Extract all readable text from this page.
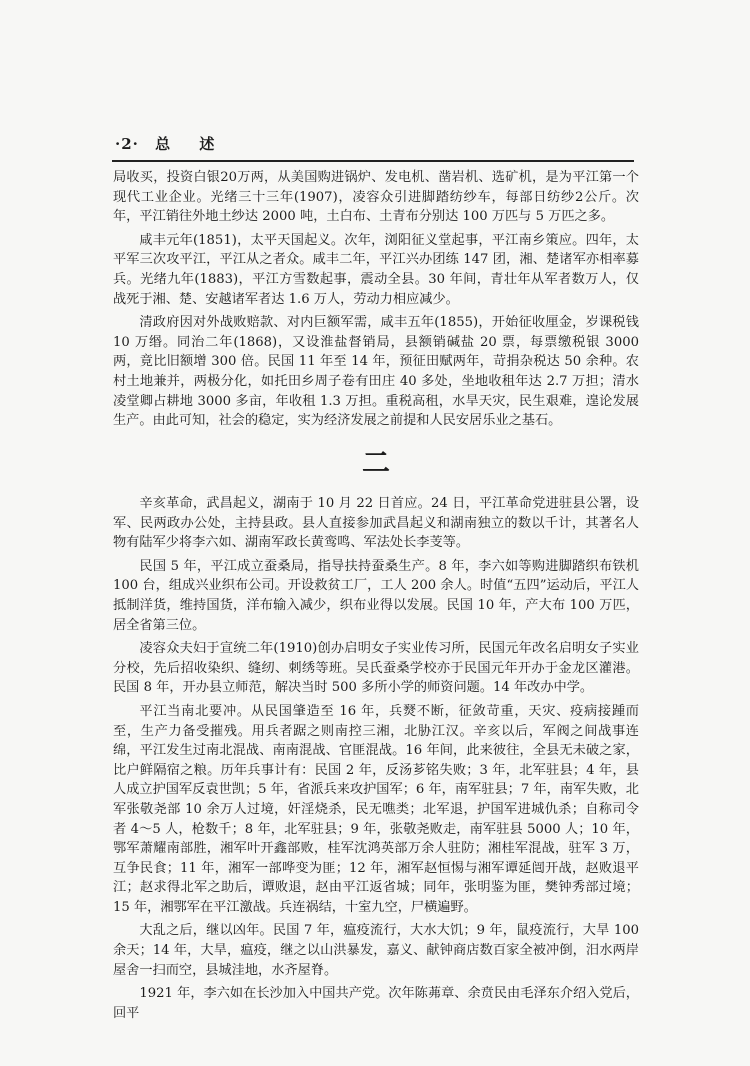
·2· 总 述

局收买，投资白银20万两，从美国购进锅炉、发电机、凿岩机、选矿机，是为平江第一个现代工业企业。光绪三十三年(1907)，凌容众引进脚踏纺纱车，每部日纺纱2公斤。次年，平江销往外地土纱达 2000 吨，土白布、土青布分别达 100 万匹与 5 万匹之多。

咸丰元年(1851)，太平天国起义。次年，浏阳征义堂起事，平江南乡策应。四年，太平军三次攻平江，平江从之者众。咸丰二年，平江兴办团练 147 团，湘、楚诸军亦相率募兵。光绪九年(1883)，平江方雪数起事，震动全县。30 年间，青壮年从军者数万人，仅战死于湘、楚、安越诸军者达 1.6 万人，劳动力相应减少。

清政府因对外战败赔款、对内巨额军需，咸丰五年(1855)，开始征收厘金，岁课税钱 10 万缗。同治二年(1868)，又设淮盐督销局，县额销碱盐 20 票，每票缴税银 3000 两，竟比旧额增 300 倍。民国 11 年至 14 年，预征田赋两年，苛捐杂税达 50 余种。农村土地兼并，两极分化，如托田乡周子卷有田庄 40 多处，坐地收租年达 2.7 万担；清水凌堂卿占耕地 3000 多亩，年收租 1.3 万担。重税高租，水旱天灾，民生艰难，遑论发展生产。由此可知，社会的稳定，实为经济发展之前提和人民安居乐业之基石。

二

辛亥革命，武昌起义，湖南于 10 月 22 日首应。24 日，平江革命党进驻县公署，设军、民两政办公处，主持县政。县人直接参加武昌起义和湖南独立的数以千计，其著名人物有陆军少将李六如、湖南军政长黄鸾鸣、军法处长李芰等。

民国 5 年，平江成立蚕桑局，指导扶持蚕桑生产。8 年，李六如等购进脚踏织布铁机 100 台，组成兴业织布公司。开设救贫工厂，工人 200 余人。时值“五四”运动后，平江人抵制洋货，维持国货，洋布输入减少，织布业得以发展。民国 10 年，产大布 100 万匹，居全省第三位。

凌容众夫妇于宣统二年(1910)创办启明女子实业传习所，民国元年改名启明女子实业分校，先后招收染织、缝纫、刺绣等班。吴氏蚕桑学校亦于民国元年开办于金龙区灌港。民国 8 年，开办县立师范，解决当时 500 多所小学的师资问题。14 年改办中学。

平江当南北要冲。从民国肇造至 16 年，兵燹不断，征敛苛重，天灾、疫病接踵而至，生产力备受摧残。用兵者踞之则南控三湘，北胁江汉。辛亥以后，军阀之间战事连绵，平江发生过南北混战、南南混战、官匪混战。16 年间，此来彼往，全县无未破之家，比户鲜隔宿之粮。历年兵事计有：民国 2 年，反汤芗铭失败；3 年，北军驻县；4 年，县人成立护国军反袁世凯；5 年，省派兵来攻护国军；6 年，南军驻县；7 年，南军失败，北军张敬尧部 10 余万人过境，奸淫烧杀，民无噍类；北军退，护国军进城仇杀；自称司令者 4～5 人，枪数千；8 年，北军驻县；9 年，张敬尧败走，南军驻县 5000 人；10 年，鄂军萧耀南部胜，湘军叶开鑫部败，桂军沈鸿英部万余人驻防；湘桂军混战，驻军 3 万，互争民食；11 年，湘军一部哗变为匪；12 年，湘军赵恒惕与湘军谭延闿开战，赵败退平江；赵求得北军之助后，谭败退，赵由平江返省城；同年，张明鉴为匪，樊钟秀部过境；15 年，湘鄂军在平江激战。兵连祸结，十室九空，尸横遍野。

大乱之后，继以凶年。民国 7 年，瘟疫流行，大水大饥；9 年，鼠疫流行，大旱 100 余天；14 年，大旱，瘟疫，继之以山洪暴发，嘉义、献钟商店数百家全被冲倒，汨水两岸屋舍一扫而空，县城洼地，水齐屋脊。

1921 年，李六如在长沙加入中国共产党。次年陈茀章、余贲民由毛泽东介绍入党后，回平
